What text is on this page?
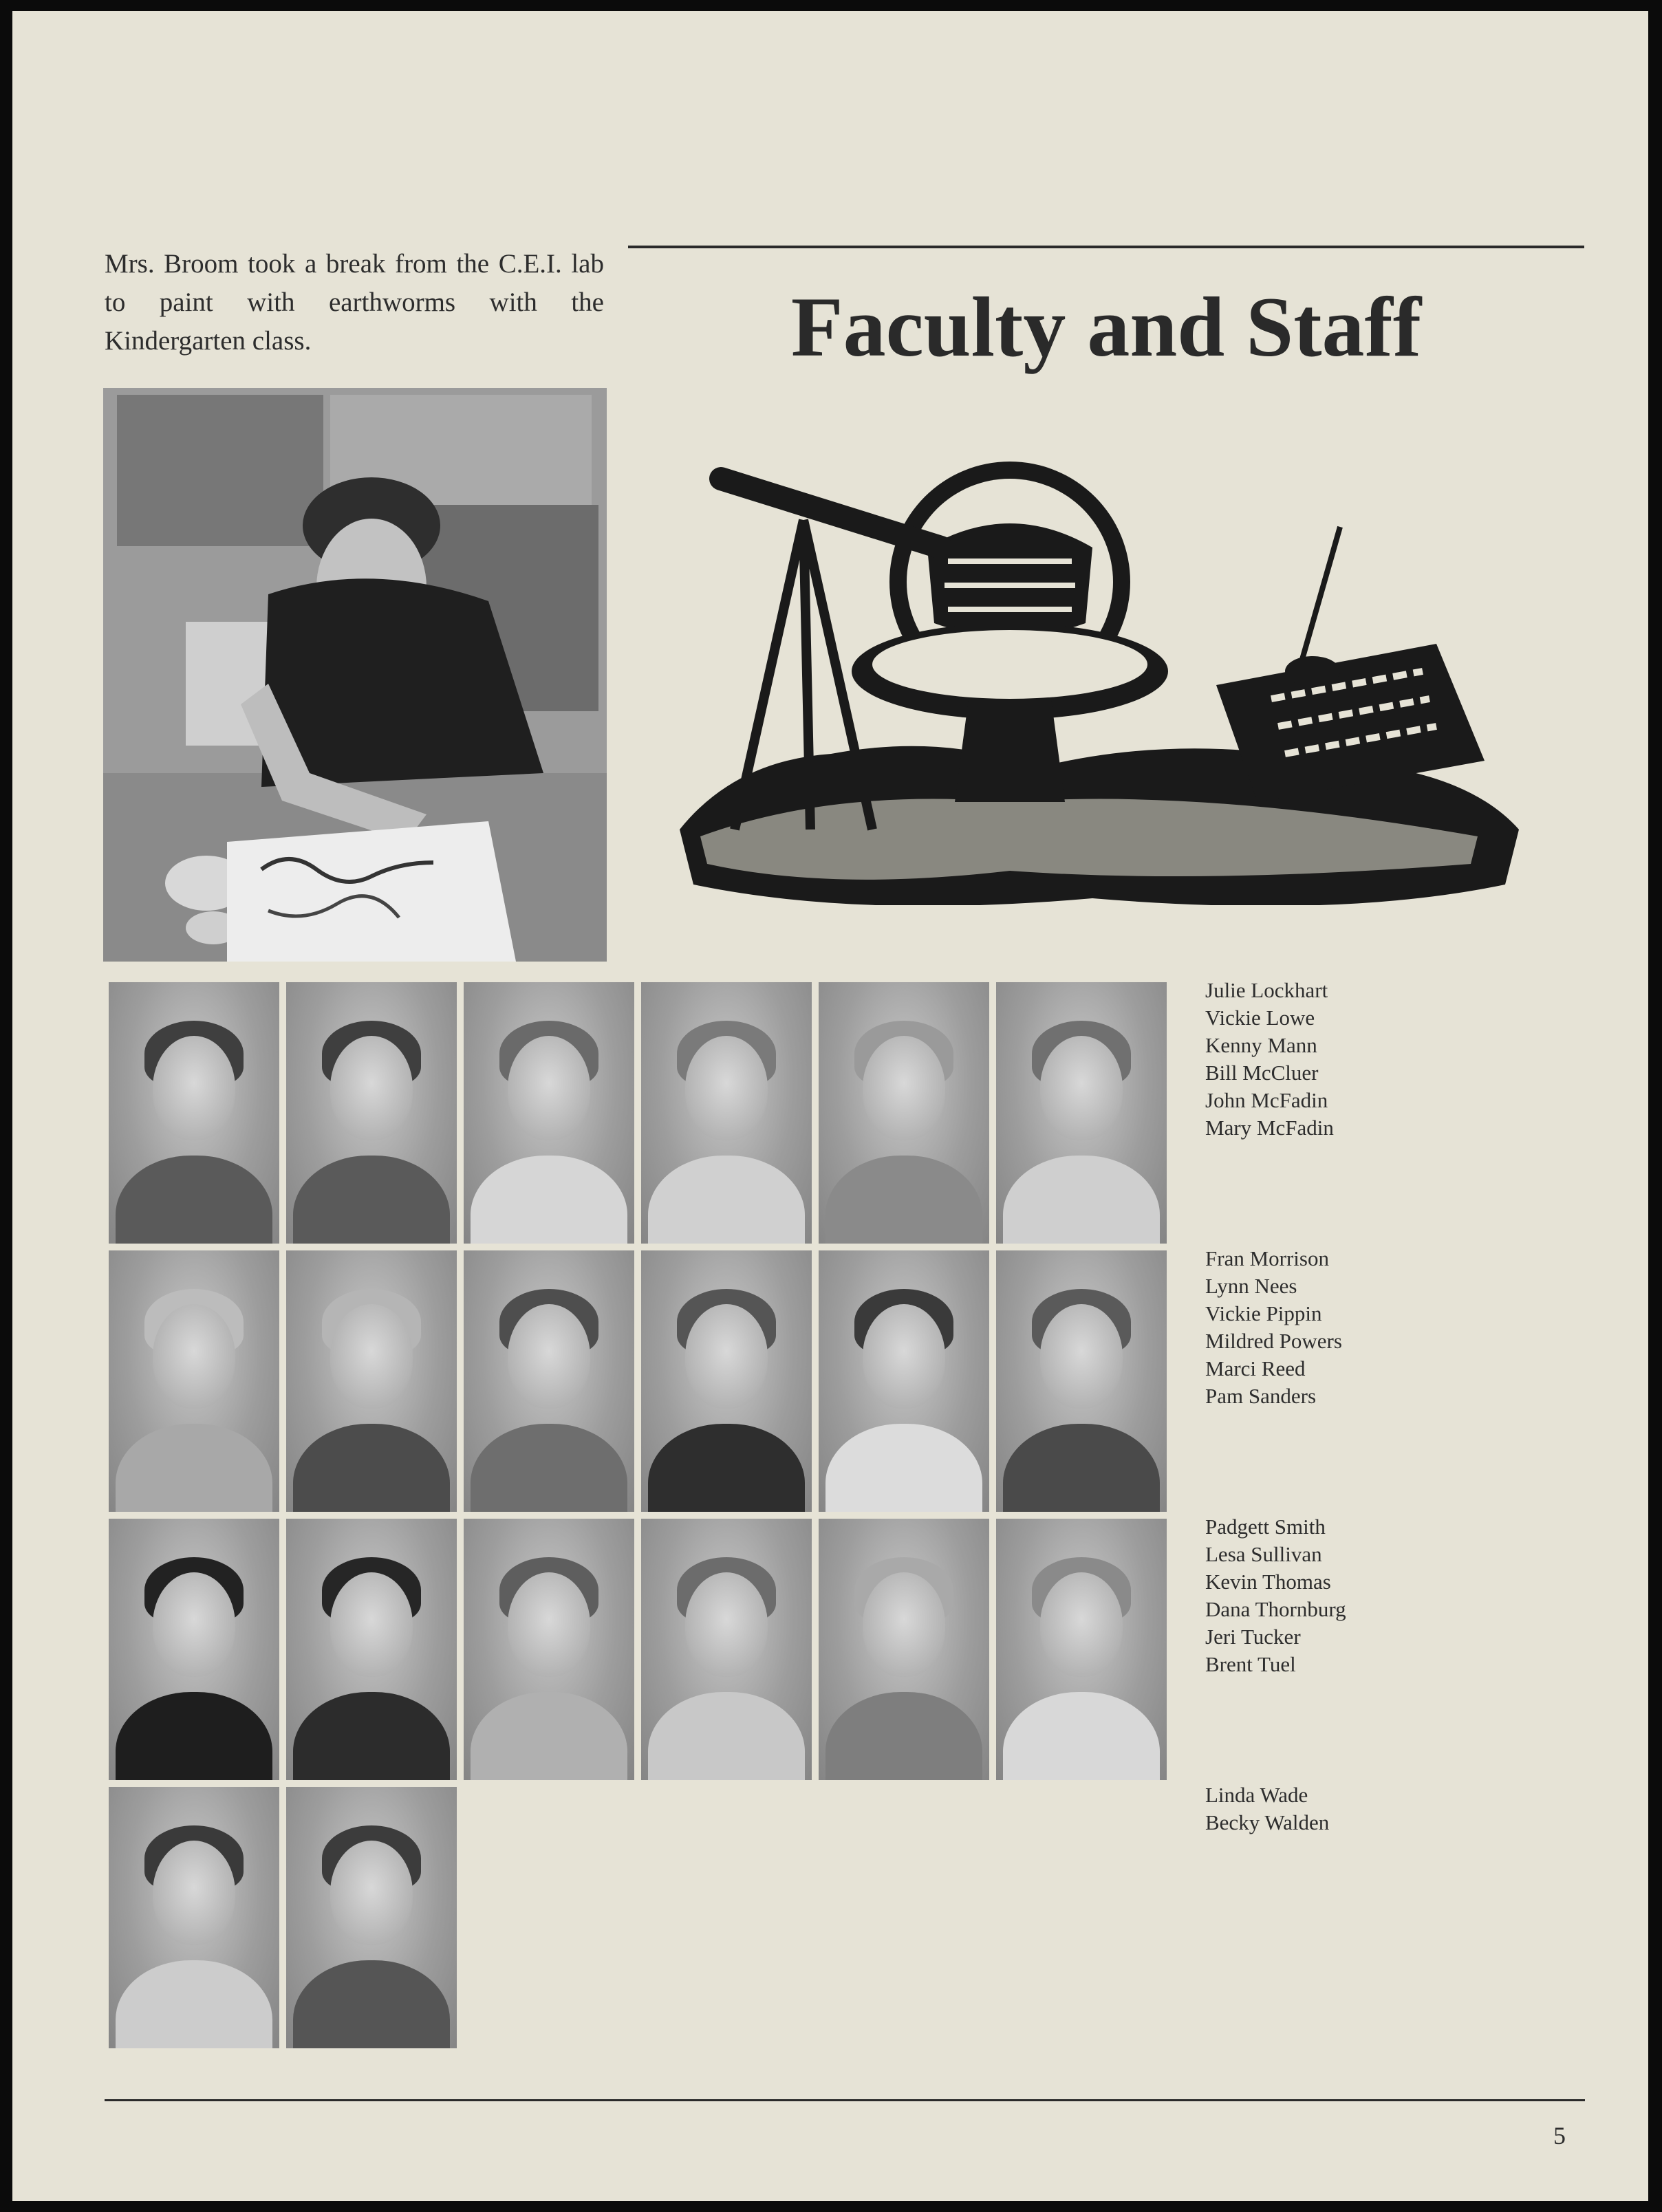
Mrs. Broom took a break from the C.E.I. lab to paint with earthworms with the Kindergarten class.	Faculty and Staff
Julie Lockhart
Vickie Lowe
Kenny Mann
Bill McCluer
John McFadin
Mary McFadin
Fran Morrison
Lynn Nees
Vickie Pippin
Mildred Powers
Marci Reed
Pam Sanders
Padgett Smith
Lesa Sullivan
Kevin Thomas
Dana Thornburg
Jeri Tucker
Brent Tuel
Linda Wade
Becky Walden
5
